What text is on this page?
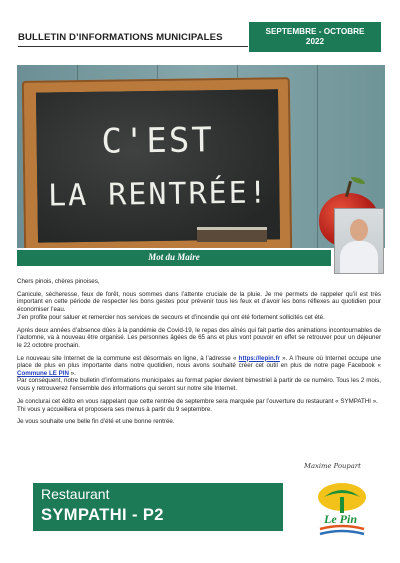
BULLETIN D’INFORMATIONS MUNICIPALES
SEPTEMBRE - OCTOBRE
2022
C'EST
LA RENTRÉE!
Mot du Maire

Chers pinois, chères pinoises,

Canicule, sécheresse, feux de forêt, nous sommes dans l’attente cruciale de la pluie. Je me permets de rappeler qu’il est très important en cette période de respecter les bons gestes pour prévenir tous les feux et d’avoir les bons réflexes au quotidien pour économiser l’eau.

J’en profite pour saluer et remercier nos services de secours et d’incendie qui ont été fortement sollicités cet été.

Après deux années d’absence dûes à la pandémie de Covid-19, le repas des aînés qui fait partie des animations incontournables de l’automne, va à nouveau être organisé. Les personnes âgées de 65 ans et plus vont pouvoir en effet se retrouver pour un déjeuner le 22 octobre prochain.

Le nouveau site Internet de la commune est désormais en ligne, à l’adresse « https://lepin.fr ». A l’heure où Internet occupe une place de plus en plus importante dans notre quotidien, nous avons souhaité créer cet outil en plus de notre page Facebook « Commune LE PIN ».

Par conséquent, notre bulletin d’informations municipales au format papier devient bimestriel à partir de ce numéro. Tous les 2 mois, vous y retrouverez l’ensemble des informations qui seront sur notre site Internet.

Je conclurai cet édito en vous rappelant que cette rentrée de septembre sera marquée par l’ouverture du restaurant « SYMPATHI ».

Thi vous y accueillera et proposera ses menus à partir du 9 septembre.

Je vous souhaite une belle fin d’été et une bonne rentrée.

Maxime Poupart
Restaurant
SYMPATHI - P2	Le Pin
